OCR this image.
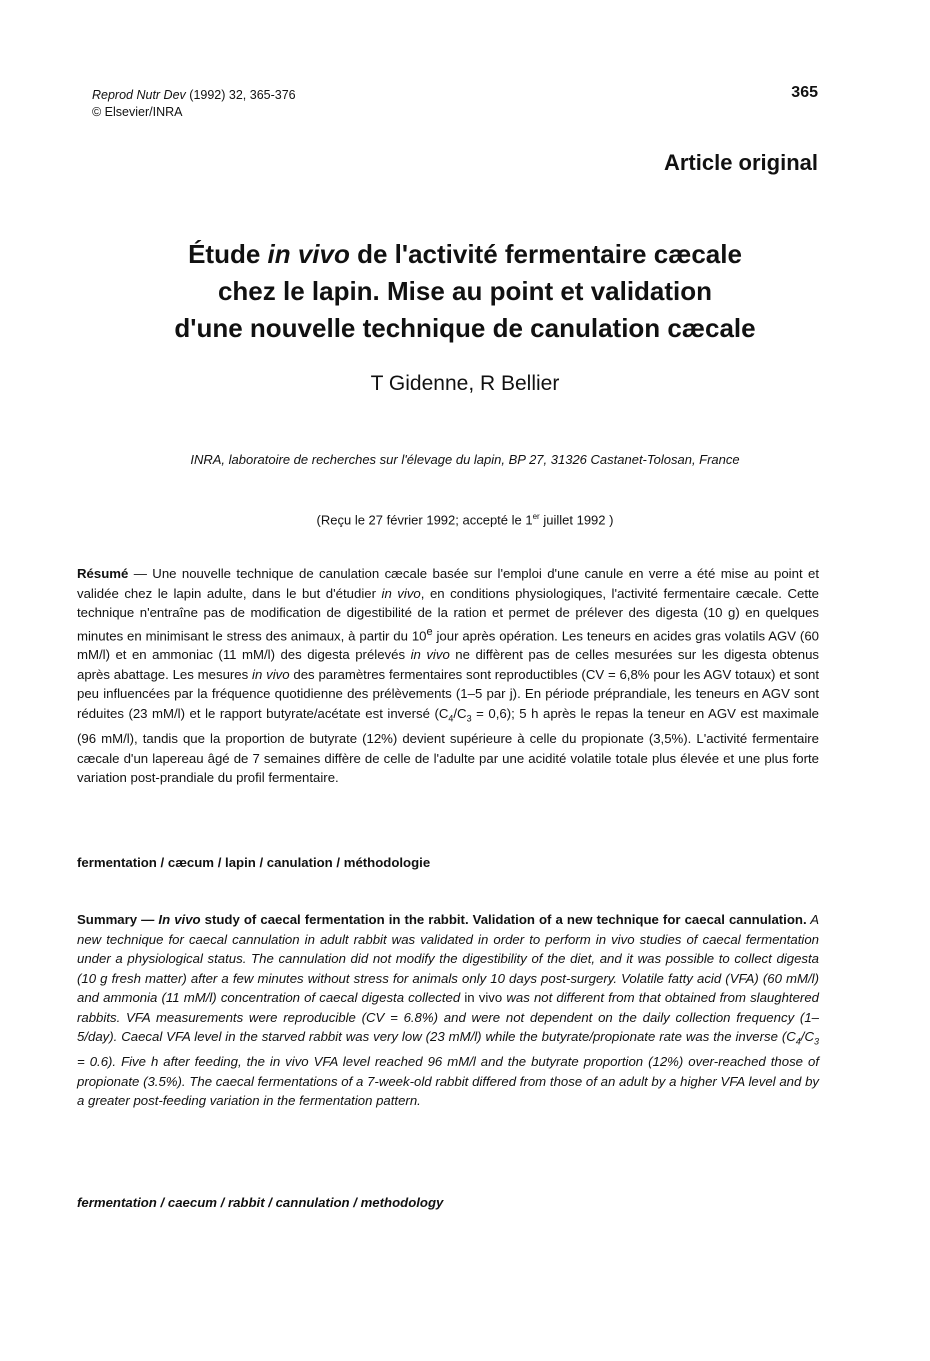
Reprod Nutr Dev (1992) 32, 365-376
© Elsevier/INRA
365
Article original
Étude in vivo de l'activité fermentaire cæcale
chez le lapin. Mise au point et validation
d'une nouvelle technique de canulation cæcale
T Gidenne, R Bellier
INRA, laboratoire de recherches sur l'élevage du lapin, BP 27, 31326 Castanet-Tolosan, France
(Reçu le 27 février 1992; accepté le 1er juillet 1992 )
Résumé — Une nouvelle technique de canulation cæcale basée sur l'emploi d'une canule en verre a été mise au point et validée chez le lapin adulte, dans le but d'étudier in vivo, en conditions physiologiques, l'activité fermentaire cæcale. Cette technique n'entraîne pas de modification de digestibilité de la ration et permet de prélever des digesta (10 g) en quelques minutes en minimisant le stress des animaux, à partir du 10e jour après opération. Les teneurs en acides gras volatils AGV (60 mM/l) et en ammoniac (11 mM/l) des digesta prélevés in vivo ne diffèrent pas de celles mesurées sur les digesta obtenus après abattage. Les mesures in vivo des paramètres fermentaires sont reproductibles (CV = 6,8% pour les AGV totaux) et sont peu influencées par la fréquence quotidienne des prélèvements (1–5 par j). En période préprandiale, les teneurs en AGV sont réduites (23 mM/l) et le rapport butyrate/acétate est inversé $(C_4/C_3 = 0,6)$; 5 h après le repas la teneur en AGV est maximale (96 mM/l), tandis que la proportion de butyrate (12%) devient supérieure à celle du propionate (3,5%). L'activité fermentaire cæcale d'un lapereau âgé de 7 semaines diffère de celle de l'adulte par une acidité volatile totale plus élevée et une plus forte variation post-prandiale du profil fermentaire.
fermentation / cæcum / lapin / canulation / méthodologie
Summary — In vivo study of caecal fermentation in the rabbit. Validation of a new technique for caecal cannulation. A new technique for caecal cannulation in adult rabbit was validated in order to perform in vivo studies of caecal fermentation under a physiological status. The cannulation did not modify the digestibility of the diet, and it was possible to collect digesta (10 g fresh matter) after a few minutes without stress for animals only 10 days post-surgery. Volatile fatty acid (VFA) (60 mM/l) and ammonia (11 mM/l) concentration of caecal digesta collected in vivo was not different from that obtained from slaughtered rabbits. VFA measurements were reproducible (CV = 6.8%) and were not dependent on the daily collection frequency (1–5/day). Caecal VFA level in the starved rabbit was very low (23 mM/l) while the butyrate/propionate rate was the inverse $(C_4/C_3 = 0.6)$. Five h after feeding, the in vivo VFA level reached 96 mM/l and the butyrate proportion (12%) over-reached those of propionate (3.5%). The caecal fermentations of a 7-week-old rabbit differed from those of an adult by a higher VFA level and by a greater post-feeding variation in the fermentation pattern.
fermentation / caecum / rabbit / cannulation / methodology
